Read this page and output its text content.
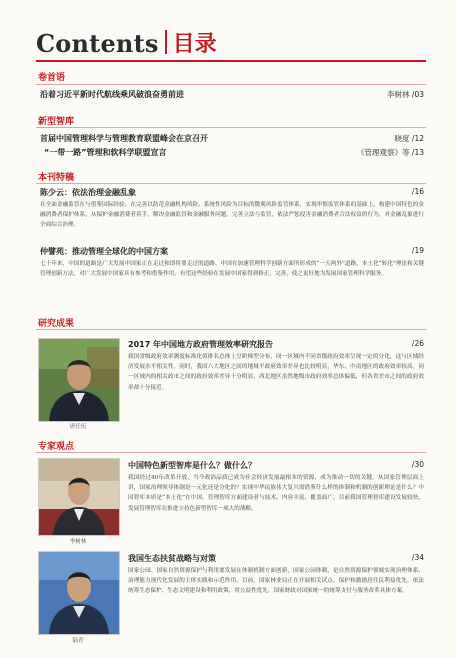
Contents 目录
卷首语
沿着习近平新时代航线乘风破浪奋勇前进	李树林 /03
新型智库
首届中国管理科学与管理教育联盟峰会在京召开	晓度 /12
“一带一路”管理和软科学联盟宣言	《管理观察》等 /13
本刊特稿
陈少云：依法治理金融乱象	/16
在全面金融监管在与借鉴国际经验，在完善以防范金融机构风险、系统性风险为目标的微观风险监管体系，实现审慎监管体系的基础上，构建中国特色的金融消费者保护体系。从保护金融消费者着手，解决金融监管和金融服务问题，完善立法与监管，依法严惩侵害金融消费者合法权益的行为，对金融乱象进行全面综合治理。
仲譬苑：推动管理全球化的中国方案	/19
七十年来，中国的道路是广大发展中国家正在走过和即将要走过的道路。中国在加速管理科学创新方面所形成的“一五两外”道路，本土化“转化”理论和关键管理创新方法，对广大发展中国家具有参考和借鉴作用，有望这些经验在发展中国家得到修正、完善，使之更好地为发展国家管理科学服务。
研究成果
唐任伍
2017 年中国地方政府管理效率研究报告	/26
我国省级政府效率测度标准化值排名总体上呈阶梯型分布，同一区域内不同省级政府效率呈现一定的分化，这与区域经济发展水平相关性。同时，我国六大地区之间的地域平政府效率差异也比较明显，华东、中南地区的政府效率较高，同一区域内的相关政市之间的政府效率差异十分明显，西北地区虽然地级市政府效率总体偏低，但各省差市之间的政府效率却十分接近。
专家观点
李树林
中国特色新型智库是什么？做什么？	/30
我国经过40年改革开放，当今政治品质已成为社会经济发展最根本的资源，成为推动一切的关键。从国家管理层面上讲，国家治理领导体制是一元化还是分化的？实现中华民族伟大复兴需借鉴什么样的体制和机制的创新理论是什么？中国智库本质是“本土化”在中国，管理智库方面建设者与技术，内容丰富，覆盖面广，目前我国管理智库建设发展较快，发展管理智库在推进立持色新型智库一项大的战略。
陆青
我国生态扶贫战略与对策	/34
国家公园、国家自然资源保护与利用要发展在体制机制方面创新，国家公园体制，是自然资源保护领域实现治理体系、治理能力现代化发展的主体实践和示范作用。目前，国家林业局正在开展相关试点，保护和激励居住民利益优先，依法统筹生态保护、生态文明建设和利用政策，用公益性优先，国家财政对国家统一的统筹支付与服务改革具体方案。
